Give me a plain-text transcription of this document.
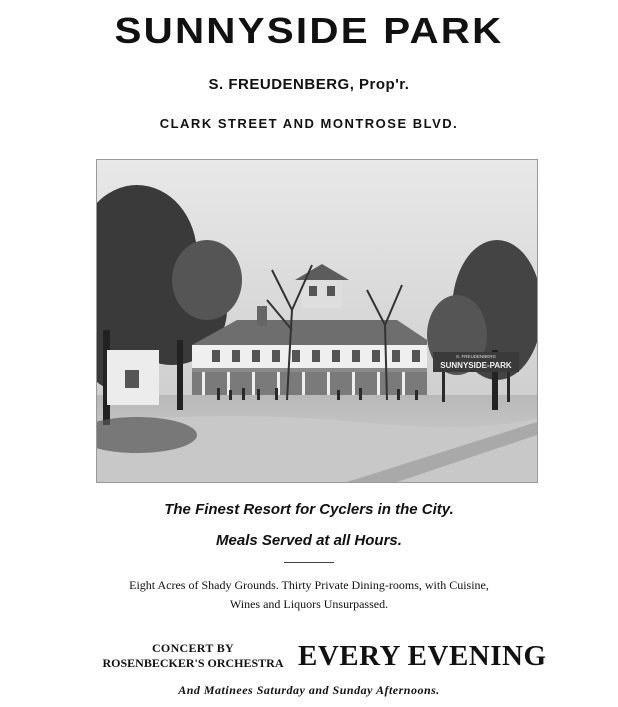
SUNNYSIDE PARK
S. FREUDENBERG, Prop'r.
CLARK STREET AND MONTROSE BLVD.
S. FREUDENBERG
SUNNYSIDE-PARK
The Finest Resort for Cyclers in the City.
Meals Served at all Hours.
Eight Acres of Shady Grounds. Thirty Private Dining-rooms, with Cuisine,
Wines and Liquors Unsurpassed.
CONCERT BY
ROSENBECKER'S ORCHESTRA EVERY EVENING
And Matinees Saturday and Sunday Afternoons.
